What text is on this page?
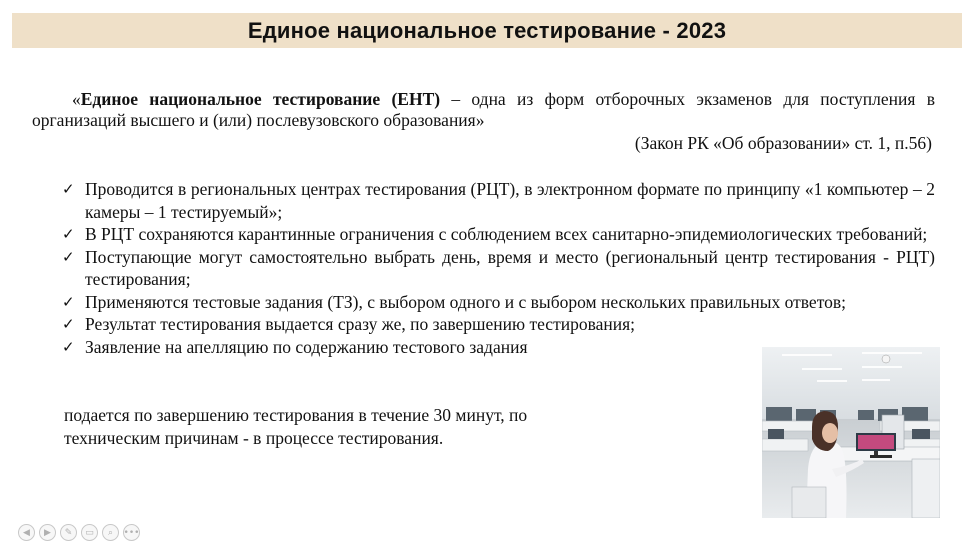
Единое национальное тестирование - 2023
«Единое национальное тестирование (ЕНТ) – одна из форм отборочных экзаменов для поступления в организаций высшего и (или) послевузовского образования»
(Закон РК «Об образовании» ст. 1, п.56)
✓ Проводится в региональных центрах тестирования (РЦТ), в электронном формате по принципу «1 компьютер – 2 камеры – 1 тестируемый»;
✓ В РЦТ сохраняются карантинные ограничения с соблюдением всех санитарно-эпидемиологических требований;
✓ Поступающие могут самостоятельно выбрать день, время и место (региональный центр тестирования - РЦТ) тестирования;
✓ Применяются тестовые задания (ТЗ), с выбором одного и с выбором нескольких правильных ответов;
✓ Результат тестирования выдается сразу же, по завершению тестирования;
✓ Заявление на апелляцию по содержанию тестового задания
подается по завершению тестирования в течение 30 минут, по
техническим причинам - в процессе тестирования.
◀	▶	✎	▭	⌕	•••
